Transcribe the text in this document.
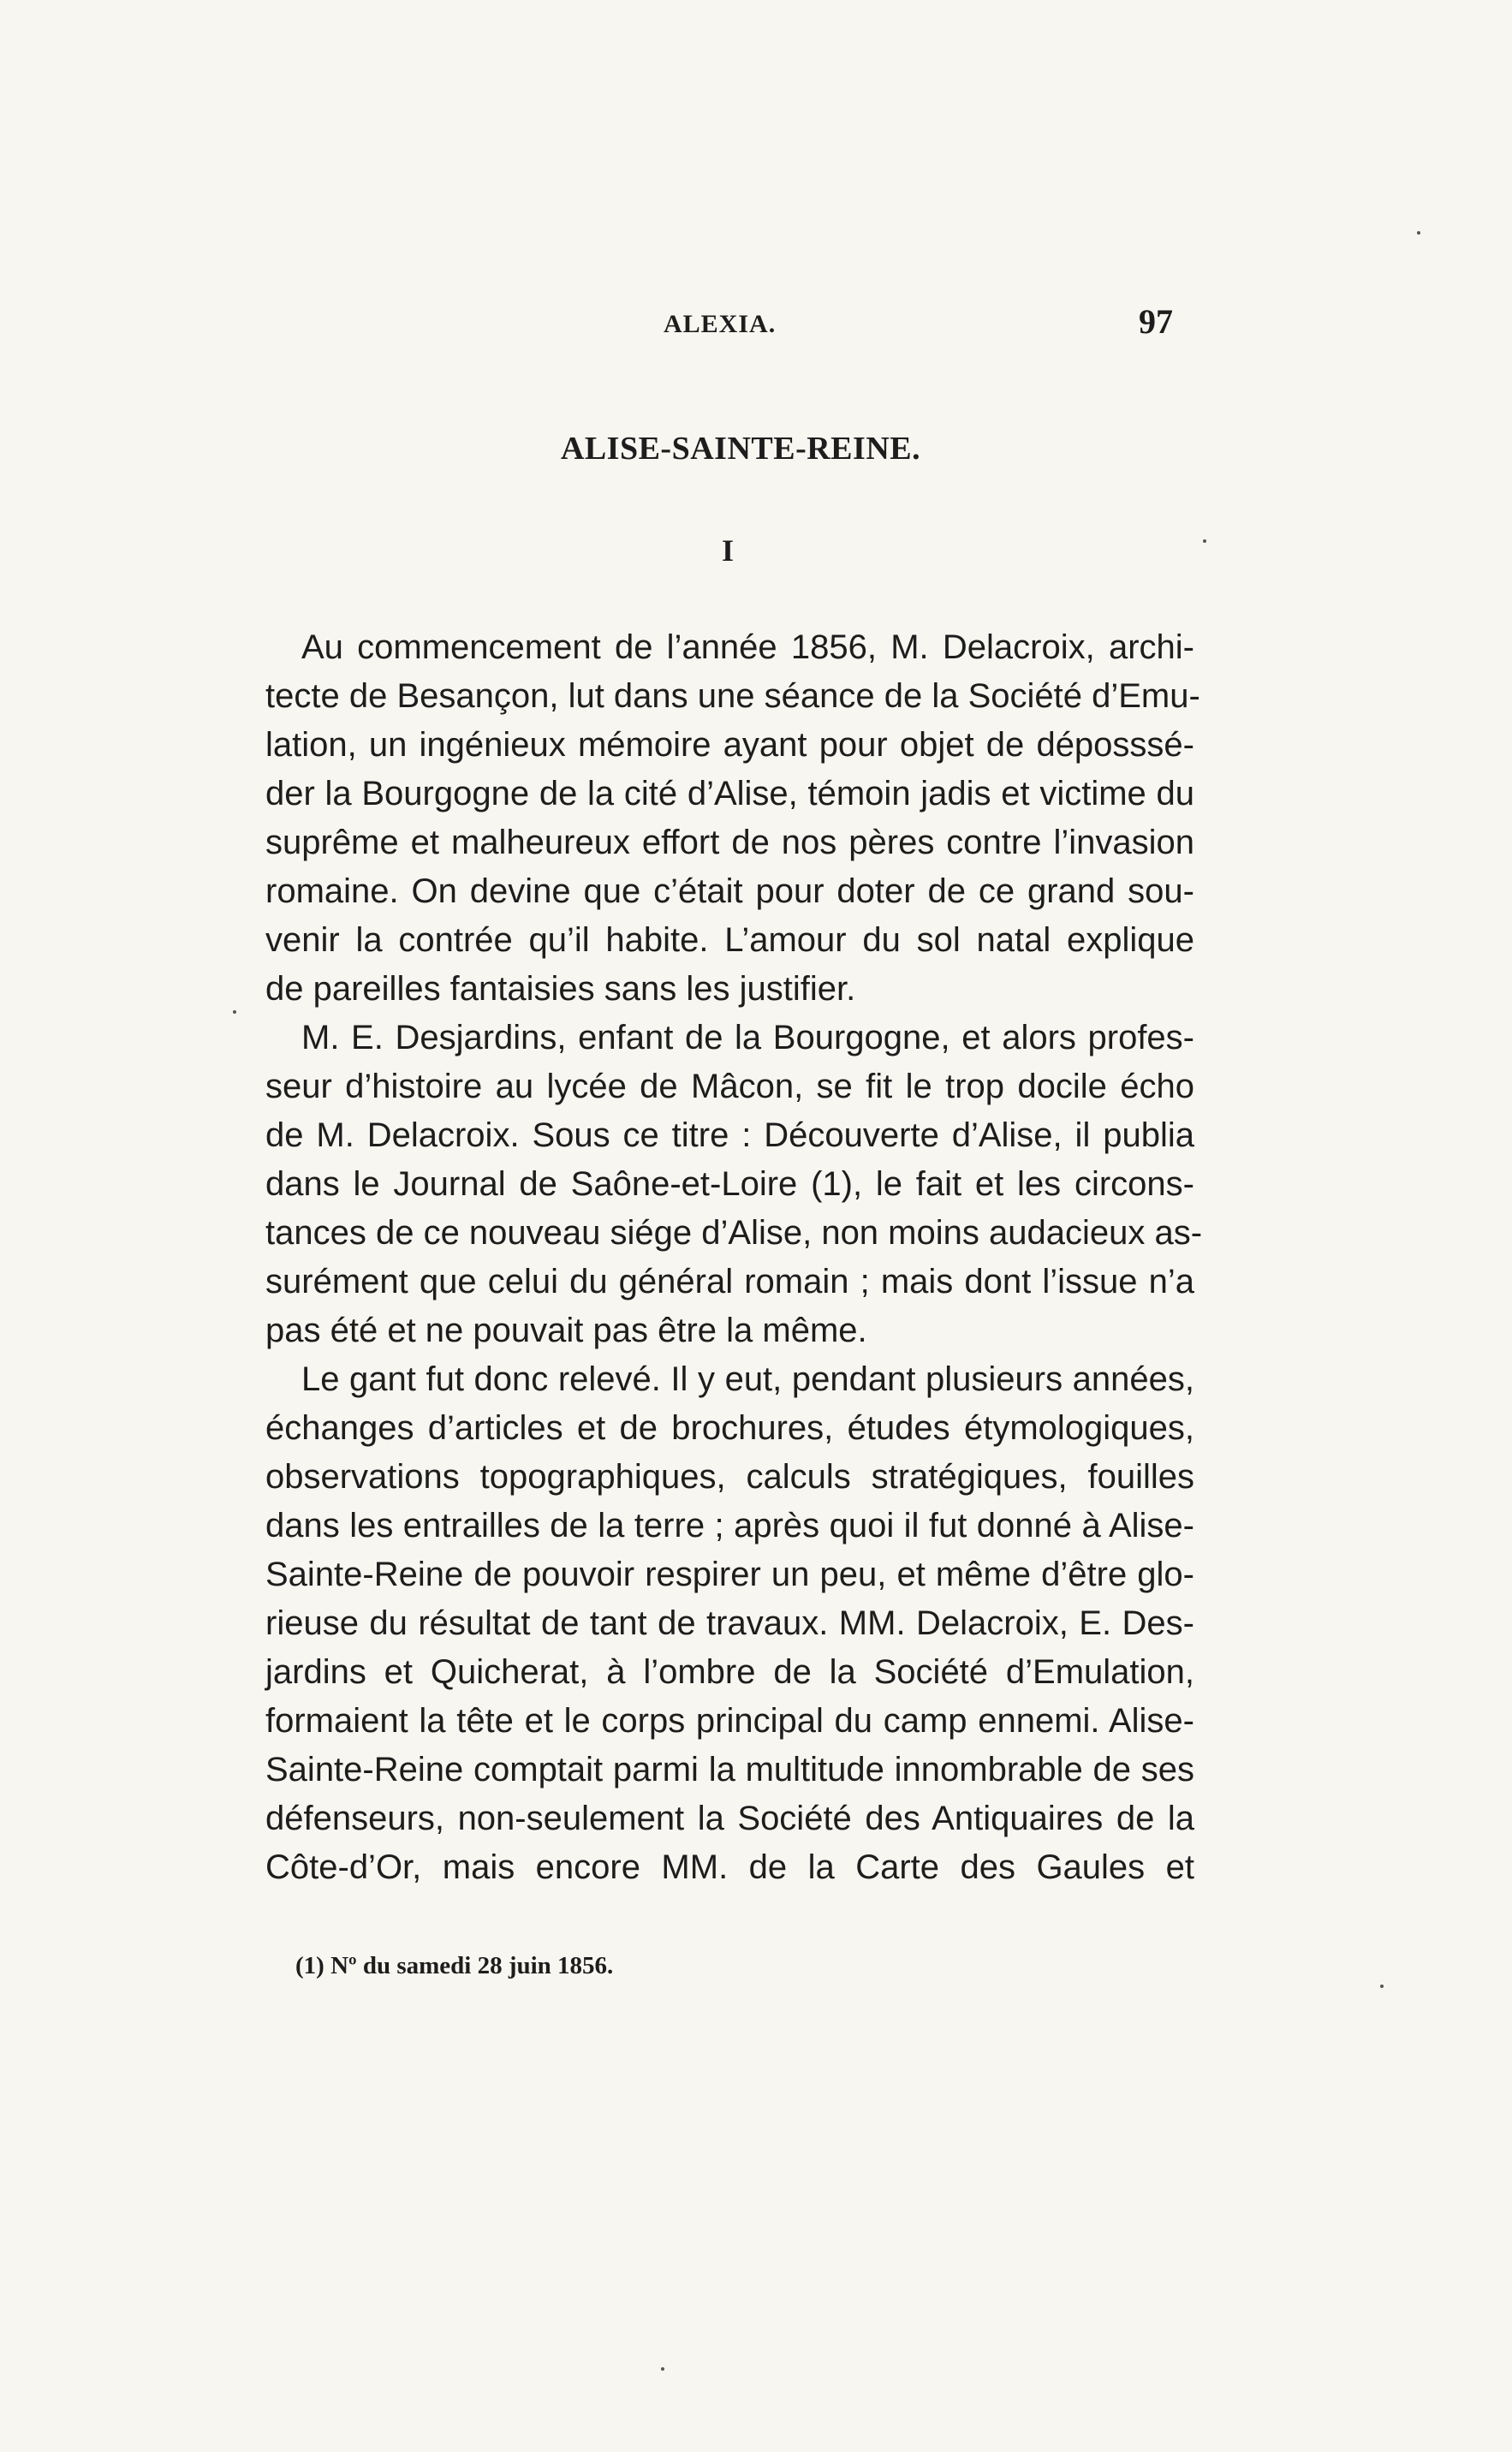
ALEXIA.	97
ALISE-SAINTE-REINE.
I
Au commencement de l’année 1856, M. Delacroix, archi-
tecte de Besançon, lut dans une séance de la Société d’Emu-
lation, un ingénieux mémoire ayant pour objet de déposssé-
der la Bourgogne de la cité d’Alise, témoin jadis et victime du
suprême et malheureux effort de nos pères contre l’invasion
romaine. On devine que c’était pour doter de ce grand sou-
venir la contrée qu’il habite. L’amour du sol natal explique
de pareilles fantaisies sans les justifier.
M. E. Desjardins, enfant de la Bourgogne, et alors profes-
seur d’histoire au lycée de Mâcon, se fit le trop docile écho
de M. Delacroix. Sous ce titre : Découverte d’Alise, il publia
dans le Journal de Saône-et-Loire (1), le fait et les circons-
tances de ce nouveau siége d’Alise, non moins audacieux as-
surément que celui du général romain ; mais dont l’issue n’a
pas été et ne pouvait pas être la même.
Le gant fut donc relevé. Il y eut, pendant plusieurs années,
échanges d’articles et de brochures, études étymologiques,
observations topographiques, calculs stratégiques, fouilles
dans les entrailles de la terre ; après quoi il fut donné à Alise-
Sainte-Reine de pouvoir respirer un peu, et même d’être glo-
rieuse du résultat de tant de travaux. MM. Delacroix, E. Des-
jardins et Quicherat, à l’ombre de la Société d’Emulation,
formaient la tête et le corps principal du camp ennemi. Alise-
Sainte-Reine comptait parmi la multitude innombrable de ses
défenseurs, non-seulement la Société des Antiquaires de la
Côte-d’Or, mais encore MM. de la Carte des Gaules et
(1) Nº du samedi 28 juin 1856.
